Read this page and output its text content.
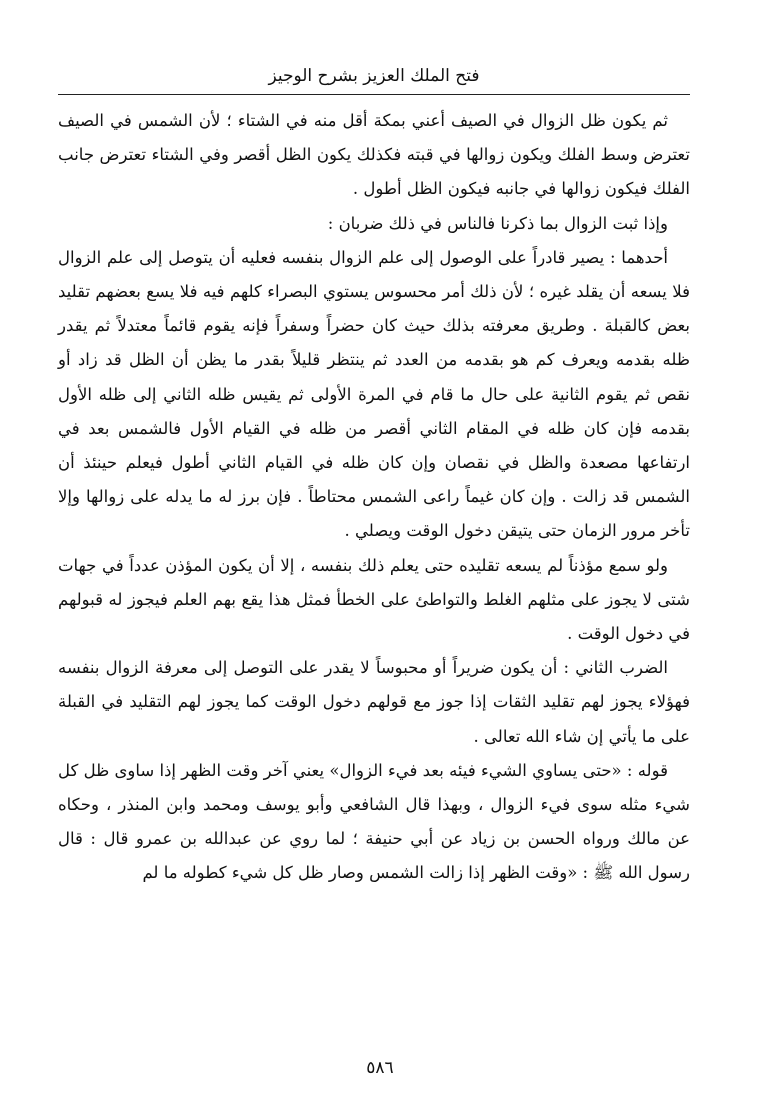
فتح الملك العزيز بشرح الوجيز

ثم يكون ظل الزوال في الصيف أعني بمكة أقل منه في الشتاء ؛ لأن الشمس في الصيف تعترض وسط الفلك ويكون زوالها في قبته فكذلك يكون الظل أقصر وفي الشتاء تعترض جانب الفلك فيكون زوالها في جانبه فيكون الظل أطول .

وإذا ثبت الزوال بما ذكرنا فالناس في ذلك ضربان :

أحدهما : يصير قادراً على الوصول إلى علم الزوال بنفسه فعليه أن يتوصل إلى علم الزوال فلا يسعه أن يقلد غيره ؛ لأن ذلك أمر محسوس يستوي البصراء كلهم فيه فلا يسع بعضهم تقليد بعض كالقبلة . وطريق معرفته بذلك حيث كان حضراً وسفراً فإنه يقوم قائماً معتدلاً ثم يقدر ظله بقدمه ويعرف كم هو بقدمه من العدد ثم ينتظر قليلاً بقدر ما يظن أن الظل قد زاد أو نقص ثم يقوم الثانية على حال ما قام في المرة الأولى ثم يقيس ظله الثاني إلى ظله الأول بقدمه فإن كان ظله في المقام الثاني أقصر من ظله في القيام الأول فالشمس بعد في ارتفاعها مصعدة والظل في نقصان وإن كان ظله في القيام الثاني أطول فيعلم حينئذ أن الشمس قد زالت . وإن كان غيماً راعى الشمس محتاطاً . فإن برز له ما يدله على زوالها وإلا تأخر مرور الزمان حتى يتيقن دخول الوقت ويصلي .

ولو سمع مؤذناً لم يسعه تقليده حتى يعلم ذلك بنفسه ، إلا أن يكون المؤذن عدداً في جهات شتى لا يجوز على مثلهم الغلط والتواطئ على الخطأ فمثل هذا يقع بهم العلم فيجوز له قبولهم في دخول الوقت .

الضرب الثاني : أن يكون ضريراً أو محبوساً لا يقدر على التوصل إلى معرفة الزوال بنفسه فهؤلاء يجوز لهم تقليد الثقات إذا جوز مع قولهم دخول الوقت كما يجوز لهم التقليد في القبلة على ما يأتي إن شاء الله تعالى .

قوله : «حتى يساوي الشيء فيئه بعد فيء الزوال» يعني آخر وقت الظهر إذا ساوى ظل كل شيء مثله سوى فيء الزوال ، وبهذا قال الشافعي وأبو يوسف ومحمد وابن المنذر ، وحكاه عن مالك ورواه الحسن بن زياد عن أبي حنيفة ؛ لما روي عن عبدالله بن عمرو قال : قال رسول الله ﷺ : «وقت الظهر إذا زالت الشمس وصار ظل كل شيء كطوله ما لم

٥٨٦
